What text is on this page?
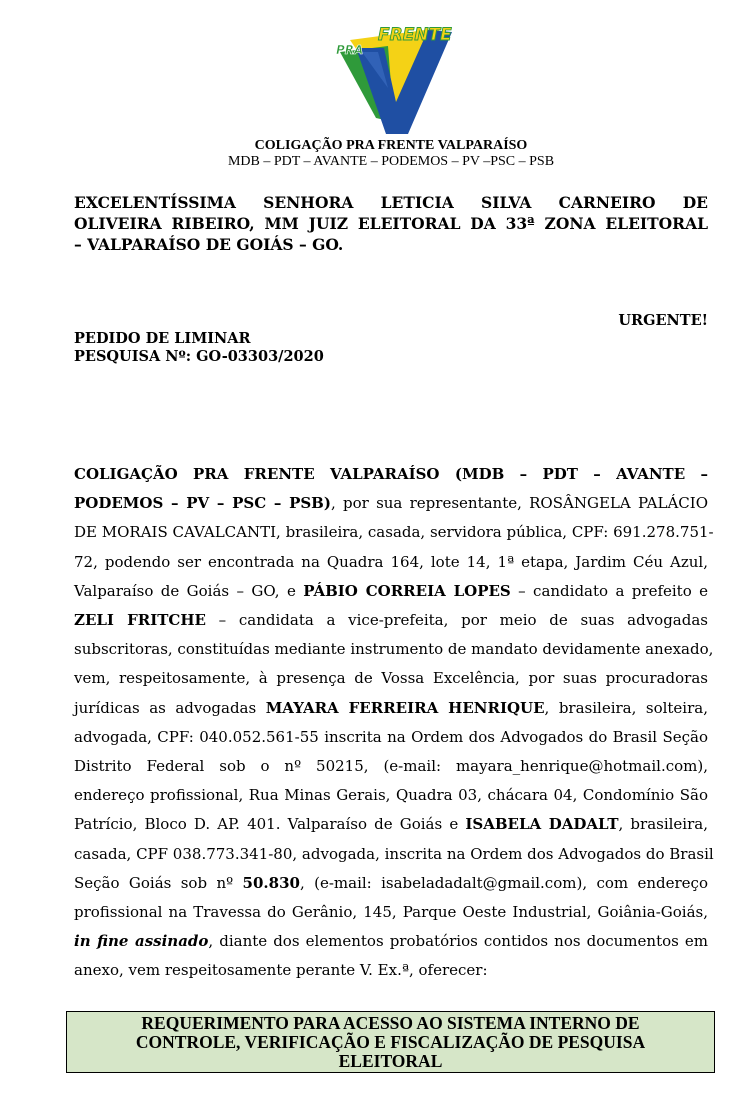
PRA
FRENTE
COLIGAÇÃO PRA FRENTE VALPARAÍSO
MDB – PDT – AVANTE – PODEMOS – PV –PSC – PSB
EXCELENTÍSSIMA SENHORA LETICIA SILVA CARNEIRO DE
OLIVEIRA RIBEIRO, MM JUIZ ELEITORAL DA 33ª ZONA ELEITORAL
– VALPARAÍSO DE GOIÁS – GO.
URGENTE!
PEDIDO DE LIMINAR
PESQUISA Nº: GO-03303/2020
COLIGAÇÃO PRA FRENTE VALPARAÍSO (MDB – PDT – AVANTE –
PODEMOS – PV – PSC – PSB), por sua representante, ROSÂNGELA PALÁCIO
DE MORAIS CAVALCANTI, brasileira, casada, servidora pública, CPF: 691.278.751-
72, podendo ser encontrada na Quadra 164, lote 14, 1ª etapa, Jardim Céu Azul,
Valparaíso de Goiás – GO, e PÁBIO CORREIA LOPES – candidato a prefeito e
ZELI FRITCHE – candidata a vice-prefeita, por meio de suas advogadas
subscritoras, constituídas mediante instrumento de mandato devidamente anexado,
vem, respeitosamente, à presença de Vossa Excelência, por suas procuradoras
jurídicas as advogadas MAYARA FERREIRA HENRIQUE, brasileira, solteira,
advogada, CPF: 040.052.561-55 inscrita na Ordem dos Advogados do Brasil Seção
Distrito Federal sob o nº 50215, (e-mail: mayara_henrique@hotmail.com),
endereço profissional, Rua Minas Gerais, Quadra 03, chácara 04, Condomínio São
Patrício, Bloco D. AP. 401. Valparaíso de Goiás e ISABELA DADALT, brasileira,
casada, CPF 038.773.341-80, advogada, inscrita na Ordem dos Advogados do Brasil
Seção Goiás sob nº 50.830, (e-mail: isabeladadalt@gmail.com), com endereço
profissional na Travessa do Gerânio, 145, Parque Oeste Industrial, Goiânia-Goiás,
in fine assinado, diante dos elementos probatórios contidos nos documentos em
anexo, vem respeitosamente perante V. Ex.ª, oferecer:
REQUERIMENTO PARA ACESSO AO SISTEMA INTERNO DE
CONTROLE, VERIFICAÇÃO E FISCALIZAÇÃO DE PESQUISA
ELEITORAL
